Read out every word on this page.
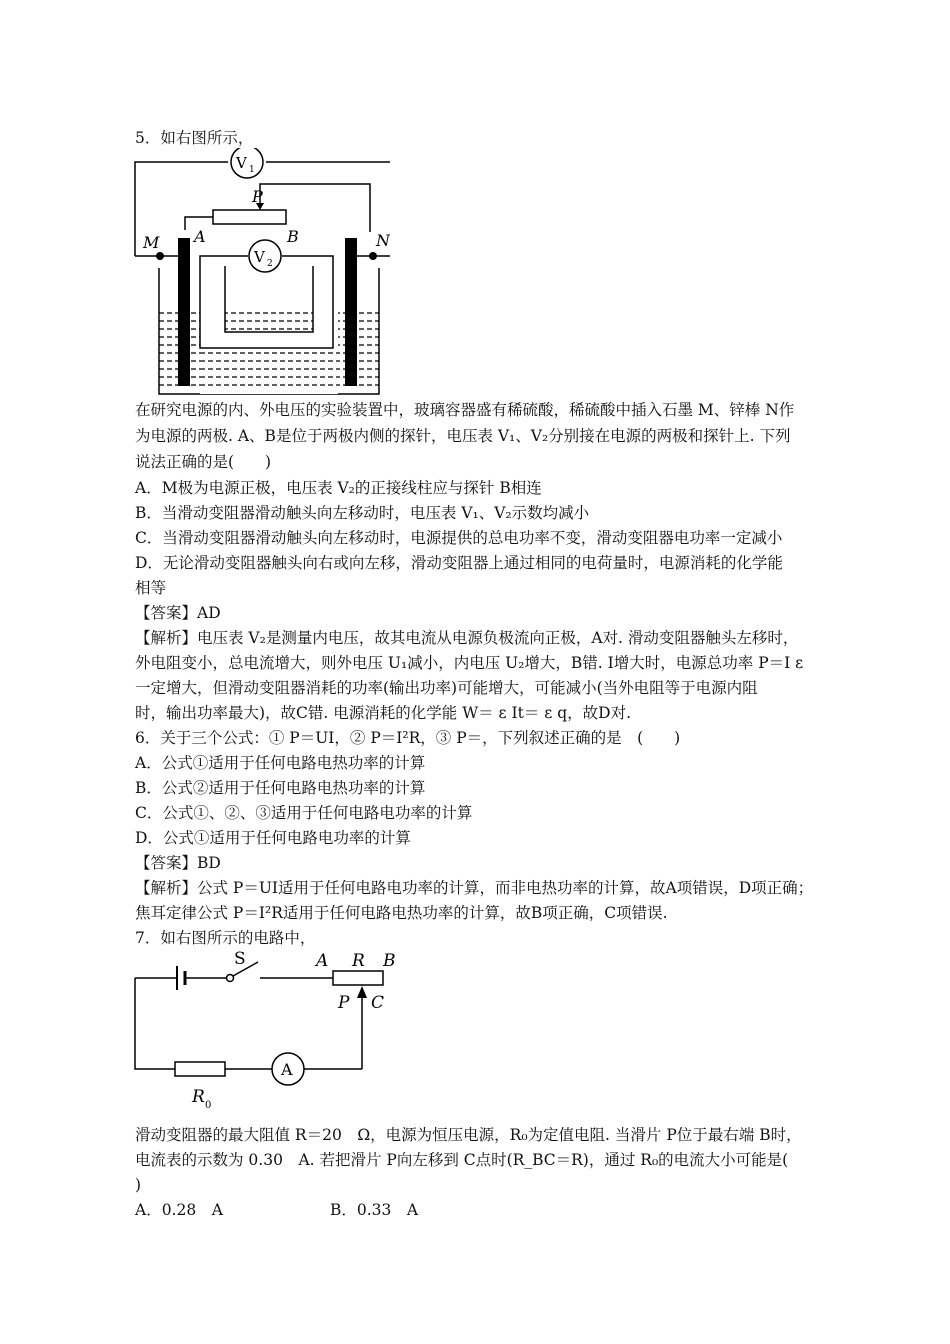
5．如右图所示，
V 1
P
A	B
M	N
V 2
在研究电源的内、外电压的实验装置中，玻璃容器盛有稀硫酸，稀硫酸中插入石墨 M、锌棒 N作
为电源的两极. A、B是位于两极内侧的探针，电压表 V₁、V₂分别接在电源的两极和探针上. 下列
说法正确的是(　　)
A．M极为电源正极，电压表 V₂的正接线柱应与探针 B相连
B．当滑动变阻器滑动触头向左移动时，电压表 V₁、V₂示数均减小
C．当滑动变阻器滑动触头向左移动时，电源提供的总电功率不变，滑动变阻器电功率一定减小
D．无论滑动变阻器触头向右或向左移，滑动变阻器上通过相同的电荷量时，电源消耗的化学能
相等
【答案】AD
【解析】电压表 V₂是测量内电压，故其电流从电源负极流向正极，A对. 滑动变阻器触头左移时，
外电阻变小，总电流增大，则外电压 U₁减小，内电压 U₂增大，B错. I增大时，电源总功率 P＝I ε
一定增大，但滑动变阻器消耗的功率(输出功率)可能增大，可能减小(当外电阻等于电源内阻
时，输出功率最大)，故C错. 电源消耗的化学能 W＝ ε It＝ ε q，故D对.
6．关于三个公式：① P＝UI，② P＝I²R，③ P＝，下列叙述正确的是　(　　)
A．公式①适用于任何电路电热功率的计算
B．公式②适用于任何电路电热功率的计算
C．公式①、②、③适用于任何电路电功率的计算
D．公式①适用于任何电路电功率的计算
【答案】BD
【解析】公式 P＝UI适用于任何电路电功率的计算，而非电热功率的计算，故A项错误，D项正确；
焦耳定律公式 P＝I²R适用于任何电路电热功率的计算，故B项正确，C项错误.
7．如右图所示的电路中，
S	A R B
P C
A
R 0
滑动变阻器的最大阻值 R＝20　Ω，电源为恒压电源，R₀为定值电阻. 当滑片 P位于最右端 B时，
电流表的示数为 0.30　A. 若把滑片 P向左移到 C点时(R_BC＝R)，通过 R₀的电流大小可能是(
)
A．0.28　A	B．0.33　A
